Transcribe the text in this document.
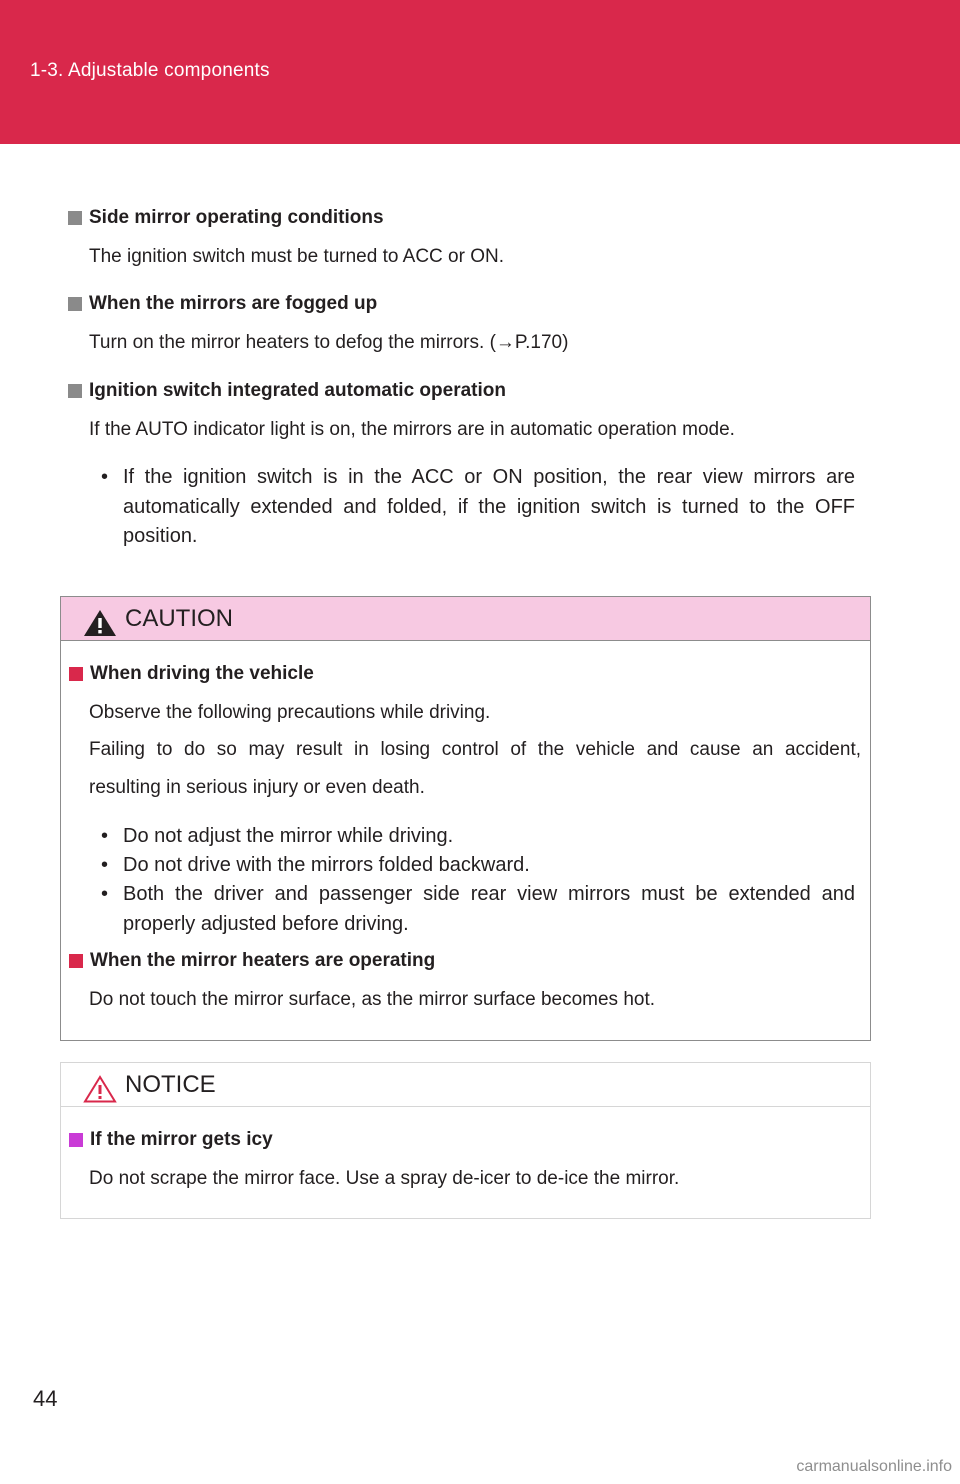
1-3. Adjustable components
Side mirror operating conditions
The ignition switch must be turned to ACC or ON.
When the mirrors are fogged up
Turn on the mirror heaters to defog the mirrors. (→P.170)
Ignition switch integrated automatic operation
If the AUTO indicator light is on, the mirrors are in automatic operation mode.
• If the ignition switch is in the ACC or ON position, the rear view mirrors are automatically extended and folded, if the ignition switch is turned to the OFF position.
CAUTION
When driving the vehicle
Observe the following precautions while driving.
Failing to do so may result in losing control of the vehicle and cause an accident,
resulting in serious injury or even death.
• Do not adjust the mirror while driving.
• Do not drive with the mirrors folded backward.
• Both the driver and passenger side rear view mirrors must be extended and properly adjusted before driving.
When the mirror heaters are operating
Do not touch the mirror surface, as the mirror surface becomes hot.
NOTICE
If the mirror gets icy
Do not scrape the mirror face. Use a spray de-icer to de-ice the mirror.
44
carmanualsonline.info
